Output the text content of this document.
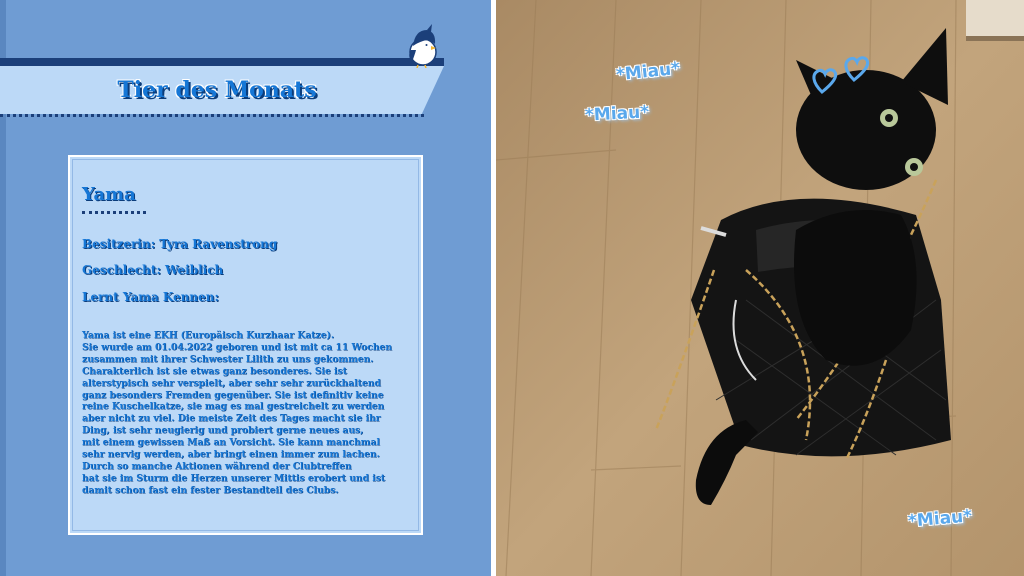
Tier des Monats
Yama
Besitzerin: Tyra Ravenstrong
Geschlecht: Weiblich
Lernt Yama Kennen:
Yama ist eine EKH (Europäisch Kurzhaar Katze).
Sie wurde am 01.04.2022 geboren und ist mit ca 11 Wochen
zusammen mit ihrer Schwester Lilith zu uns gekommen.
Charakterlich ist sie etwas ganz besonderes. Sie ist
alterstypisch sehr verspielt, aber sehr sehr zurückhaltend
ganz besonders Fremden gegenüber. Sie ist definitiv keine
reine Kuschelkatze, sie mag es mal gestreichelt zu werden
aber nicht zu viel. Die meiste Zeit des Tages macht sie ihr
Ding, ist sehr neugierig und probiert gerne neues aus,
mit einem gewissen Maß an Vorsicht. Sie kann manchmal
sehr nervig werden, aber bringt einen immer zum lachen.
Durch so manche Aktionen während der Clubtreffen
hat sie im Sturm die Herzen unserer Mittis erobert und ist
damit schon fast ein fester Bestandteil des Clubs.
*Miau*
*Miau*
*Miau*
